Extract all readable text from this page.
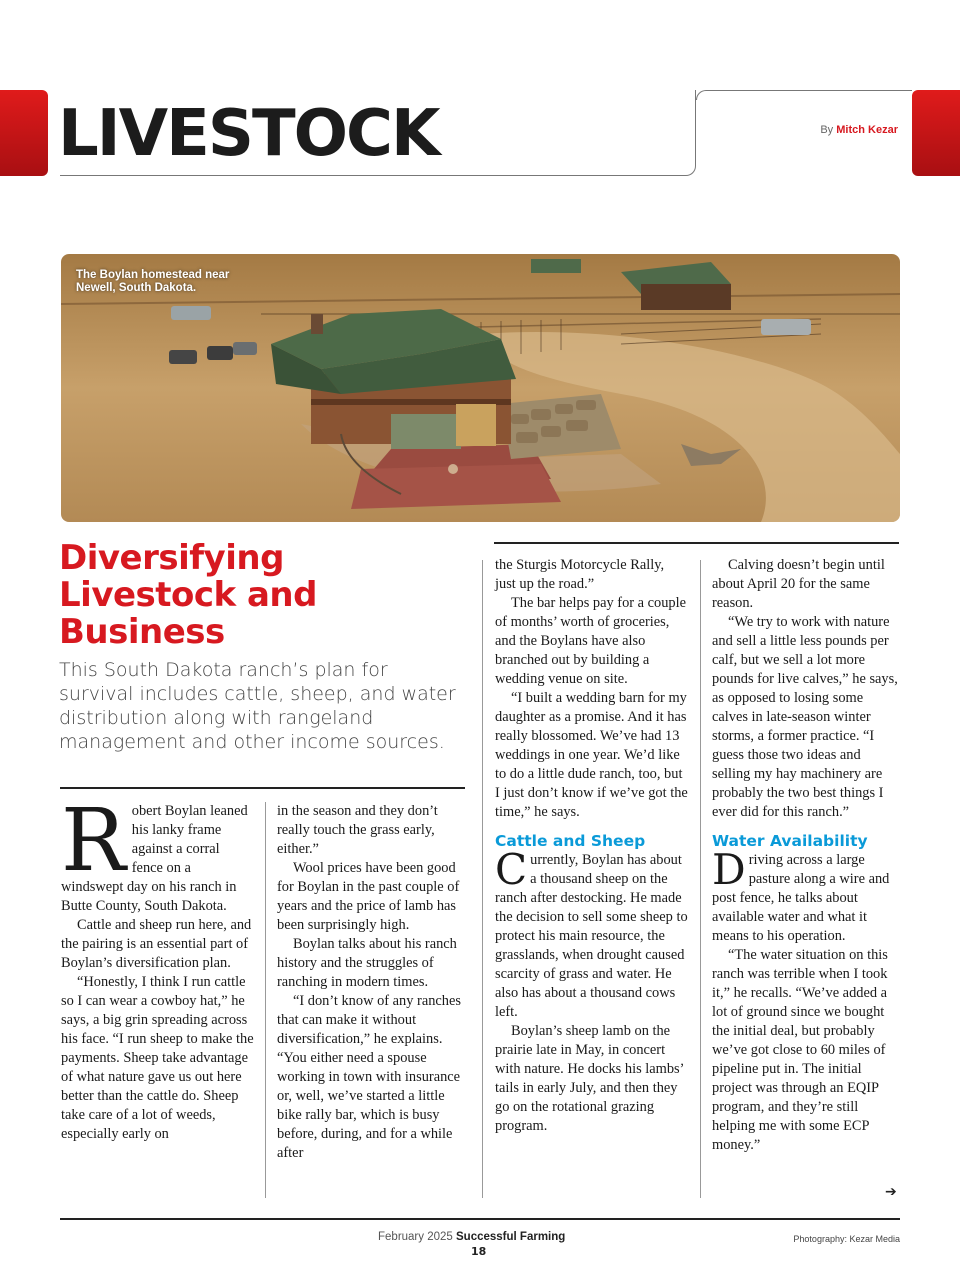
LIVESTOCK	By Mitch Kezar
The Boylan homestead near
Newell, South Dakota.
Diversifying
Livestock and
Business
This South Dakota ranch’s plan for survival includes cattle, sheep, and water distribution along with rangeland management and other income sources.

Robert Boylan leaned his lanky frame against a corral fence on a windswept day on his ranch in Butte County, South Dakota.

Cattle and sheep run here, and the pairing is an essential part of Boylan’s diversification plan.

“Honestly, I think I run cattle so I can wear a cowboy hat,” he says, a big grin spreading across his face. “I run sheep to make the payments. Sheep take advantage of what nature gave us out here better than the cattle do. Sheep take care of a lot of weeds, especially early on

in the season and they don’t really touch the grass early, either.”

Wool prices have been good for Boylan in the past couple of years and the price of lamb has been surprisingly high.

Boylan talks about his ranch history and the struggles of ranching in modern times.

“I don’t know of any ranches that can make it without diversification,” he explains. “You either need a spouse working in town with insurance or, well, we’ve started a little bike rally bar, which is busy before, during, and for a while after

the Sturgis Motorcycle Rally, just up the road.”

The bar helps pay for a couple of months’ worth of groceries, and the Boylans have also branched out by building a wedding venue on site.

“I built a wedding barn for my daughter as a promise. And it has really blossomed. We’ve had 13 weddings in one year. We’d like to do a little dude ranch, too, but I just don’t know if we’ve got the time,” he says.

Cattle and Sheep

Currently, Boylan has about a thousand sheep on the ranch after destocking. He made the decision to sell some sheep to protect his main resource, the grasslands, when drought caused scarcity of grass and water. He also has about a thousand cows left.

Boylan’s sheep lamb on the prairie late in May, in concert with nature. He docks his lambs’ tails in early July, and then they go on the rotational grazing program.

Calving doesn’t begin until about April 20 for the same reason.

“We try to work with nature and sell a little less pounds per calf, but we sell a lot more pounds for live calves,” he says, as opposed to losing some calves in late-season winter storms, a former practice. “I guess those two ideas and selling my hay machinery are probably the two best things I ever did for this ranch.”

Water Availability

Driving across a large pasture along a wire and post fence, he talks about available water and what it means to his operation.

“The water situation on this ranch was terrible when I took it,” he recalls. “We’ve added a lot of ground since we bought the initial deal, but probably we’ve got close to 60 miles of pipeline put in. The initial project was through an EQIP program, and they’re still helping me with some ECP money.”

➔
February 2025 Successful Farming
18
Photography: Kezar Media
